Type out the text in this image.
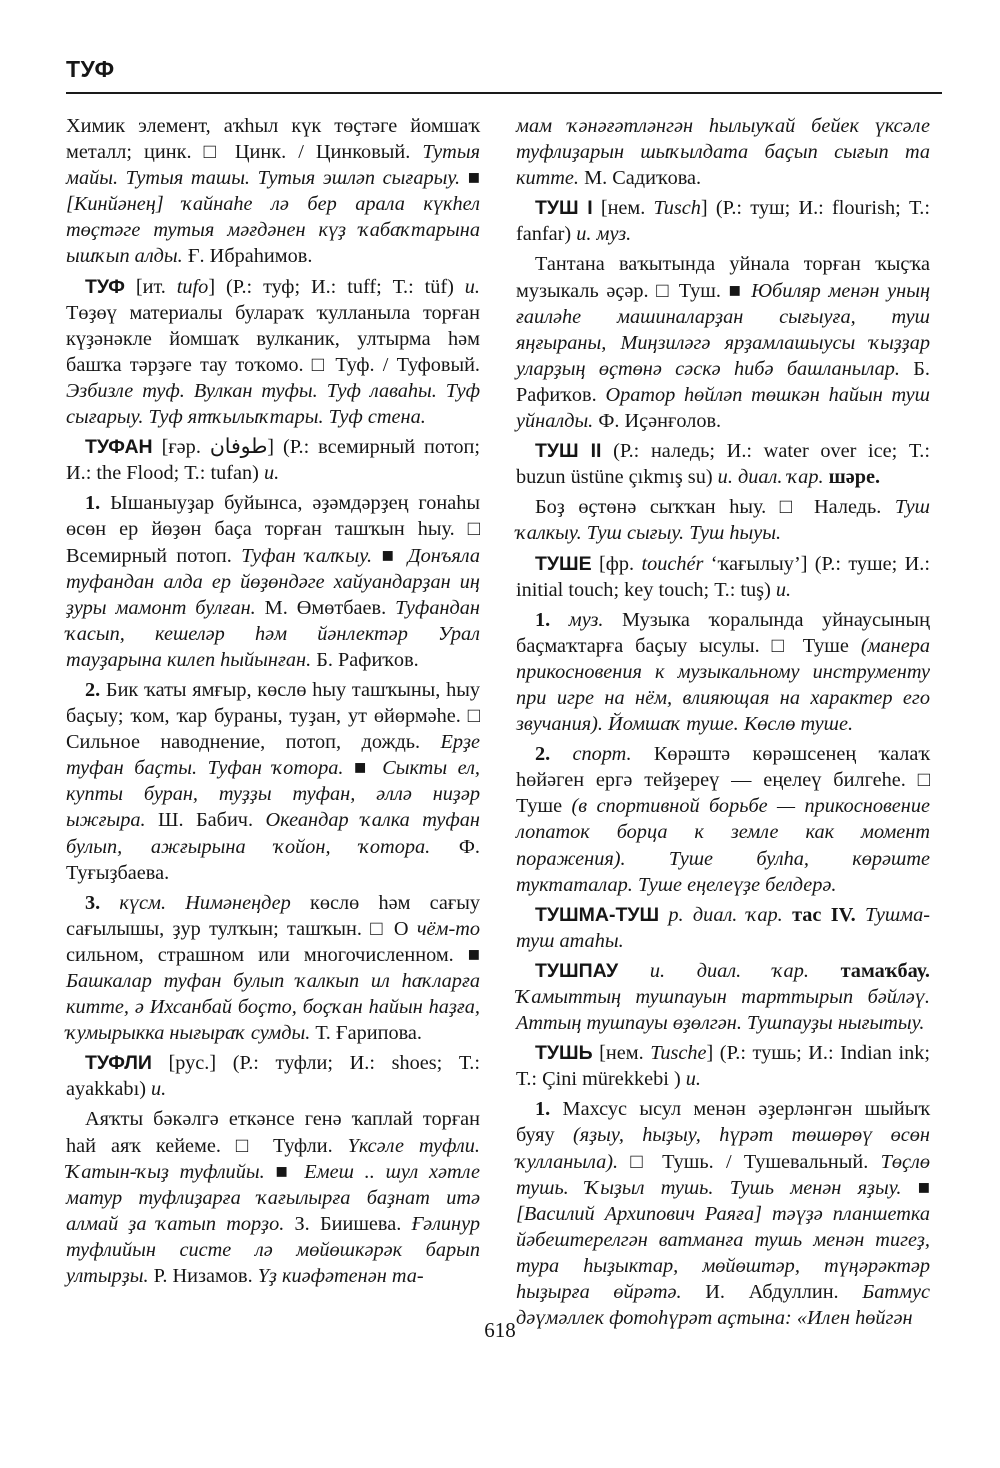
ТУФ

Химик элемент, аҡһыл күк төҫтәге йомшаҡ металл; цинк. □ Цинк. / Цинковый. Тутыя майы. Тутыя ташы. Тутыя эшләп сығарыу. ■ [Кинйәнең] ҡайнаһе лә бер арала күкһел төҫтәге тутыя мәғдәнен күҙ ҡабаҡтарына ышҡып алды. Ғ. Ибраһимов.

ТУФ [ит. tufo] (Р.: туф; И.: tuff; Т.: tüf) и. Төҙөү материалы булараҡ ҡулланыла торған күҙәнәкле йомшаҡ вулканик, ултырма һәм башҡа тәрҙәге тау тоҡомо. □ Туф. / Туфовый. Эзбизле туф. Вулкан туфы. Туф лаваһы. Туф сығарыу. Туф ятҡылыҡтары. Туф стена.

ТУФАН [ғәр. طوفان] (Р.: всемирный потоп; И.: the Flood; Т.: tufan) и.

1. Ышаныуҙар буйынса, әҙәмдәрҙең гонаһы өсөн ер йөҙөн баҫа торған ташҡын һыу. □ Всемирный потоп. Туфан ҡалҡыу. ■ Донъяла туфандан алда ер йөҙөндәге хайуандарҙан иң ҙуры мамонт булған. М. Өмөтбаев. Туфандан ҡасып, кешеләр һәм йәнлектәр Урал тауҙарына килеп һыйынған. Б. Рафиҡов.

2. Бик ҡаты ямғыр, көслө һыу ташҡыны, һыу баҫыу; ҡом, ҡар бураны, туҙан, ут өйөрмәһе. □ Сильное наводнение, потоп, дождь. Ерҙе туфан баҫты. Туфан ҡотора. ■ Сыкты ел, купты буран, туҙҙы туфан, әллә ниҙәр ыжғыра. Ш. Бабич. Океандар ҡалка туфан булып, ажғырына ҡойон, ҡотора. Ф. Туғыҙбаева.

3. күсм. Нимәнеңдер көслө һәм сағыу сағылышы, ҙур тулҡын; ташҡын. □ О чём-то сильном, страшном или многочисленном. ■ Башкалар туфан булып ҡалкып ил һаҡларға китте, ә Ихсанбай боҫто, боҫҡан һайын һаҙға, ҡумырыкка нығыраҡ сумды. Т. Ғарипова.

ТУФЛИ [рус.] (Р.: туфли; И.: shoes; Т.: ayakkabı) и.

Аяҡты бәкәлгә еткәнсе генә ҡаплай торған һай аяҡ кейеме. □ Туфли. Үксәле туфли. Ҡатын-ҡыҙ туфлийы. ■ Емеш .. шул хәтле матур туфлиҙарға ҡағылырға баҙнат итә алмай ҙа ҡатып торҙо. З. Биишева. Ғәлинур туфлийын систе лә мөйөшкәрәк барып ултырҙы. Р. Низамов. Үҙ киәфәтенән та-

мам ҡәнәғәтләнгән һылыуҡай бейек үксәле туфлиҙарын шыҡылдата баҫып сығып та китте. М. Садиҡова.

ТУШ I [нем. Tusch] (Р.: туш; И.: flourish; Т.: fanfar) и. муз.

Тантана ваҡытында уйнала торған ҡыҫҡа музыкаль әҫәр. □ Туш. ■ Юбиляр менән уның ғаиләһе машиналарҙан сығыуға, туш яңғыраны, Миңзиләгә ярҙамлашыусы ҡыҙҙар уларҙың өҫтөнә сәскә һибә башланылар. Б. Рафиҡов. Оратор һөйләп төшкән һайын туш уйналды. Ф. Иҫәнғолов.

ТУШ II (Р.: наледь; И.: water over ice; Т.: buzun üstüne çıkmış su) и. диал. ҡар. шәре.

Боҙ өҫтөнә сыҡҡан һыу. □ Наледь. Туш ҡалкыу. Туш сығыу. Туш һыуы.

ТУШЕ [фр. touchér ‘ҡағылыу’] (Р.: туше; И.: initial touch; key touch; Т.: tuş) и.

1. муз. Музыка ҡоралында уйнаусының баҫмаҡтарға баҫыу ысулы. □ Туше (манера прикосновения к музыкальному инструменту при игре на нём, влияющая на характер его звучания). Йомшаҡ туше. Көслө туше.

2. спорт. Көрәштә көрәшсенең ҡалаҡ һөйәген ергә тейҙереү — еңелеү билгеһе. □ Туше (в спортивной борьбе — прикосновение лопаток борца к земле как момент поражения). Туше булһа, көрәште туктаталар. Туше еңелеүҙе белдерә.

ТУШМА-ТУШ р. диал. ҡар. тас IV. Тушма-туш атаһы.

ТУШПАУ и. диал. ҡар. тамаҡбау. Ҡамыттың тушпауын тарттырып бәйләү. Аттың тушпауы өҙөлгән. Тушпауҙы нығытыу.

ТУШЬ [нем. Tusche] (Р.: тушь; И.: Indian ink; Т.: Çini mürekkebi ) и.

1. Махсус ысул менән әҙерләнгән шыйыҡ буяу (яҙыу, һыҙыу, һүрәт төшөрөү өсөн ҡулланыла). □ Тушь. / Тушевальный. Төҫлө тушь. Ҡыҙыл тушь. Тушь менән яҙыу. ■ [Василий Архипович Раяға] тәүҙә планшетка йәбештерелгән ватманға тушь менән тигеҙ, тура һыҙыктар, мөйөштәр, түңәрәктәр һыҙырға өйрәтә. И. Абдуллин. Батмус дәүмәллек фотоһүрәт аҫтына: «Илен һөйгән

618
